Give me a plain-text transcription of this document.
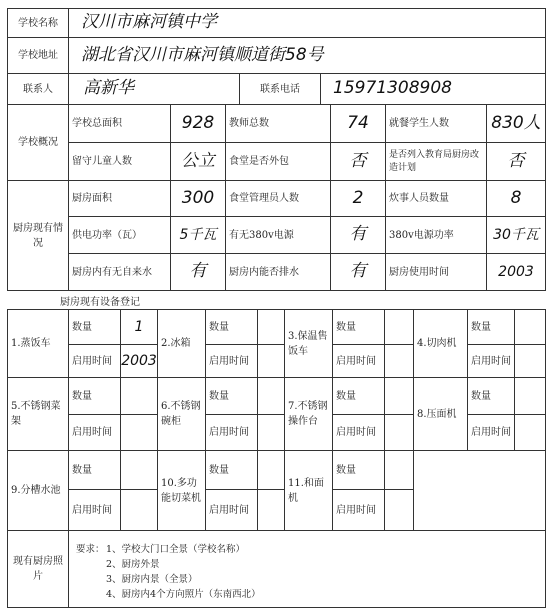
学校名称	汉川市麻河镇中学
学校地址	湖北省汉川市麻河镇顺道街58号
联系人	高新华	联系电话	15971308908
学校概况
学校总面积	928	教师总数	74	就餐学生人数	830人
留守儿童人数	公立	食堂是否外包	否	是否列入教育局厨房改造计划	否
厨房现有情况
厨房面积	300	食堂管理员人数	2	炊事人员数量	8
供电功率（瓦）	5千瓦	有无380v电源	有	380v电源功率	30千瓦
厨房内有无自来水	有	厨房内能否排水	有	厨房使用时间	2003
厨房现有设备登记
1.蒸饭车
数量	1
启用时间 2003
2.冰箱
数量
启用时间
3.保温售饭车
数量
启用时间
4.切肉机
数量
启用时间
5.不锈钢菜架
数量
启用时间
6.不锈钢碗柜
数量
启用时间
7.不锈钢操作台
数量
启用时间
8.压面机
数量
启用时间
9.分槽水池
数量
启用时间
10.多功能切菜机
数量
启用时间
11.和面机
数量
启用时间
现有厨房照片
要求： 1、学校大门口全景（学校名称）
2、厨房外景
3、厨房内景（全景）
4、厨房内4个方向照片（东南西北）
